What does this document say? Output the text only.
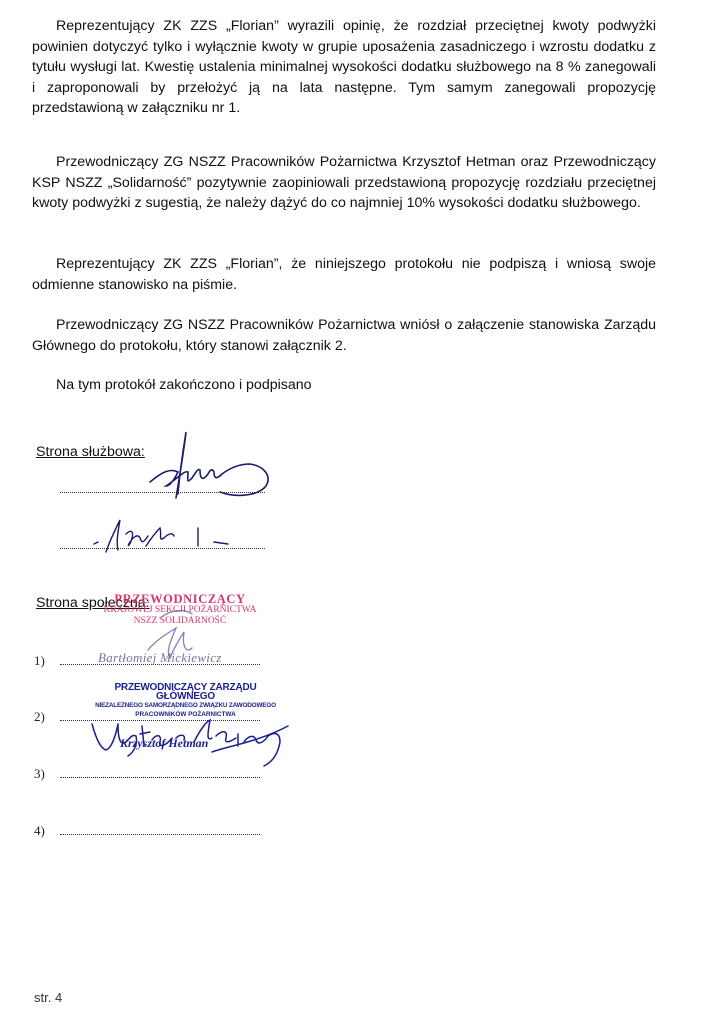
Reprezentujący ZK ZZS „Florian” wyrazili opinię, że rozdział przeciętnej kwoty podwyżki powinien dotyczyć tylko i wyłącznie kwoty w grupie uposażenia zasadniczego i wzrostu dodatku z tytułu wysługi lat. Kwestię ustalenia minimalnej wysokości dodatku służbowego na 8 % zanegowali i zaproponowali by przełożyć ją na lata następne. Tym samym zanegowali propozycję przedstawioną w załączniku nr 1.

Przewodniczący ZG NSZZ Pracowników Pożarnictwa Krzysztof Hetman oraz Przewodniczący KSP NSZZ „Solidarność” pozytywnie zaopiniowali przedstawioną propozycję rozdziału przeciętnej kwoty podwyżki z sugestią, że należy dążyć do co najmniej 10% wysokości dodatku służbowego.

Reprezentujący ZK ZZS „Florian”, że niniejszego protokołu nie podpiszą i wniosą swoje odmienne stanowisko na piśmie.

Przewodniczący ZG NSZZ Pracowników Pożarnictwa wniósł o załączenie stanowiska Zarządu Głównego do protokołu, który stanowi załącznik 2.

Na tym protokół zakończono i podpisano

Strona służbowa:
Strona społeczna:
PRZEWODNICZĄCY
KRAJOWEJ SEKCJI POŻARNICTWA
NSZZ SOLIDARNOŚĆ
1)	Bartłomiej Mickiewicz
PRZEWODNICZĄCY ZARZĄDU GŁÓWNEGO
NIEZALEŻNEGO SAMORZĄDNEGO ZWIĄZKU ZAWODOWEGO
PRACOWNIKÓW POŻARNICTWA
2)
Krzysztof Hetman
3)
4)
str. 4
